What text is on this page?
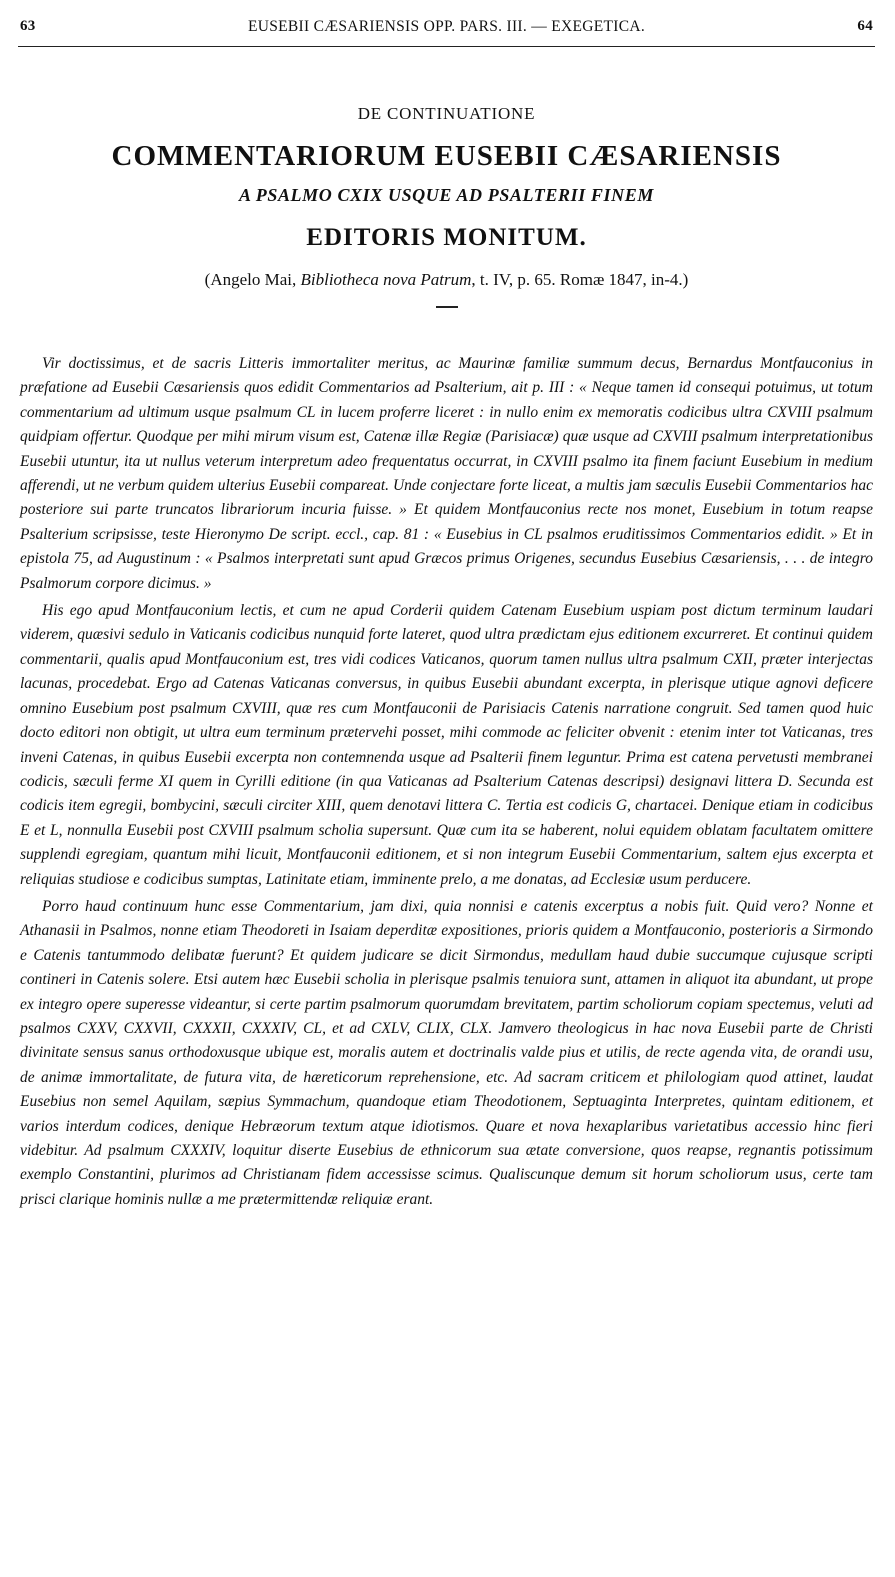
63	EUSEBII CÆSARIENSIS OPP. PARS. III. — EXEGETICA.	64
DE CONTINUATIONE
COMMENTARIORUM EUSEBII CÆSARIENSIS
A PSALMO CXIX USQUE AD PSALTERII FINEM
EDITORIS MONITUM.
(Angelo Mai, Bibliotheca nova Patrum, t. IV, p. 65. Romæ 1847, in-4.)

Vir doctissimus, et de sacris Litteris immortaliter meritus, ac Maurinæ familiæ summum decus, Bernardus Montfauconius in præfatione ad Eusebii Cæsariensis quos edidit Commentarios ad Psalterium, ait p. III : « Neque tamen id consequi potuimus, ut totum commentarium ad ultimum usque psalmum CL in lucem proferre liceret : in nullo enim ex memoratis codicibus ultra CXVIII psalmum quidpiam offertur. Quodque per mihi mirum visum est, Catenæ illæ Regiæ (Parisiacæ) quæ usque ad CXVIII psalmum interpretationibus Eusebii utuntur, ita ut nullus veterum interpretum adeo frequentatus occurrat, in CXVIII psalmo ita finem faciunt Eusebium in medium afferendi, ut ne verbum quidem ulterius Eusebii compareat. Unde conjectare forte liceat, a multis jam sæculis Eusebii Commentarios hac posteriore sui parte truncatos librariorum incuria fuisse. » Et quidem Montfauconius recte nos monet, Eusebium in totum reapse Psalterium scripsisse, teste Hieronymo De script. eccl., cap. 81 : « Eusebius in CL psalmos eruditissimos Commentarios edidit. » Et in epistola 75, ad Augustinum : « Psalmos interpretati sunt apud Græcos primus Origenes, secundus Eusebius Cæsariensis, . . . de integro Psalmorum corpore dicimus. »

His ego apud Montfauconium lectis, et cum ne apud Corderii quidem Catenam Eusebium uspiam post dictum terminum laudari viderem, quæsivi sedulo in Vaticanis codicibus nunquid forte lateret, quod ultra prædictam ejus editionem excurreret. Et continui quidem commentarii, qualis apud Montfauconium est, tres vidi codices Vaticanos, quorum tamen nullus ultra psalmum CXII, præter interjectas lacunas, procedebat. Ergo ad Catenas Vaticanas conversus, in quibus Eusebii abundant excerpta, in plerisque utique agnovi deficere omnino Eusebium post psalmum CXVIII, quæ res cum Montfauconii de Parisiacis Catenis narratione congruit. Sed tamen quod huic docto editori non obtigit, ut ultra eum terminum prætervehi posset, mihi commode ac feliciter obvenit : etenim inter tot Vaticanas, tres inveni Catenas, in quibus Eusebii excerpta non contemnenda usque ad Psalterii finem leguntur. Prima est catena pervetusti membranei codicis, sæculi ferme XI quem in Cyrilli editione (in qua Vaticanas ad Psalterium Catenas descripsi) designavi littera D. Secunda est codicis item egregii, bombycini, sæculi circiter XIII, quem denotavi littera C. Tertia est codicis G, chartacei. Denique etiam in codicibus E et L, nonnulla Eusebii post CXVIII psalmum scholia supersunt. Quæ cum ita se haberent, nolui equidem oblatam facultatem omittere supplendi egregiam, quantum mihi licuit, Montfauconii editionem, et si non integrum Eusebii Commentarium, saltem ejus excerpta et reliquias studiose e codicibus sumptas, Latinitate etiam, imminente prelo, a me donatas, ad Ecclesiæ usum perducere.

Porro haud continuum hunc esse Commentarium, jam dixi, quia nonnisi e catenis excerptus a nobis fuit. Quid vero? Nonne et Athanasii in Psalmos, nonne etiam Theodoreti in Isaiam deperditæ expositiones, prioris quidem a Montfauconio, posterioris a Sirmondo e Catenis tantummodo delibatæ fuerunt? Et quidem judicare se dicit Sirmondus, medullam haud dubie succumque cujusque scripti contineri in Catenis solere. Etsi autem hæc Eusebii scholia in plerisque psalmis tenuiora sunt, attamen in aliquot ita abundant, ut prope ex integro opere superesse videantur, si certe partim psalmorum quorumdam brevitatem, partim scholiorum copiam spectemus, veluti ad psalmos CXXV, CXXVII, CXXXII, CXXXIV, CL, et ad CXLV, CLIX, CLX. Jamvero theologicus in hac nova Eusebii parte de Christi divinitate sensus sanus orthodoxusque ubique est, moralis autem et doctrinalis valde pius et utilis, de recte agenda vita, de orandi usu, de animæ immortalitate, de futura vita, de hæreticorum reprehensione, etc. Ad sacram criticem et philologiam quod attinet, laudat Eusebius non semel Aquilam, sæpius Symmachum, quandoque etiam Theodotionem, Septuaginta Interpretes, quintam editionem, et varios interdum codices, denique Hebræorum textum atque idiotismos. Quare et nova hexaplaribus varietatibus accessio hinc fieri videbitur. Ad psalmum CXXXIV, loquitur diserte Eusebius de ethnicorum sua ætate conversione, quos reapse, regnantis potissimum exemplo Constantini, plurimos ad Christianam fidem accessisse scimus. Qualiscunque demum sit horum scholiorum usus, certe tam prisci clarique hominis nullæ a me prætermittendæ reliquiæ erant.
